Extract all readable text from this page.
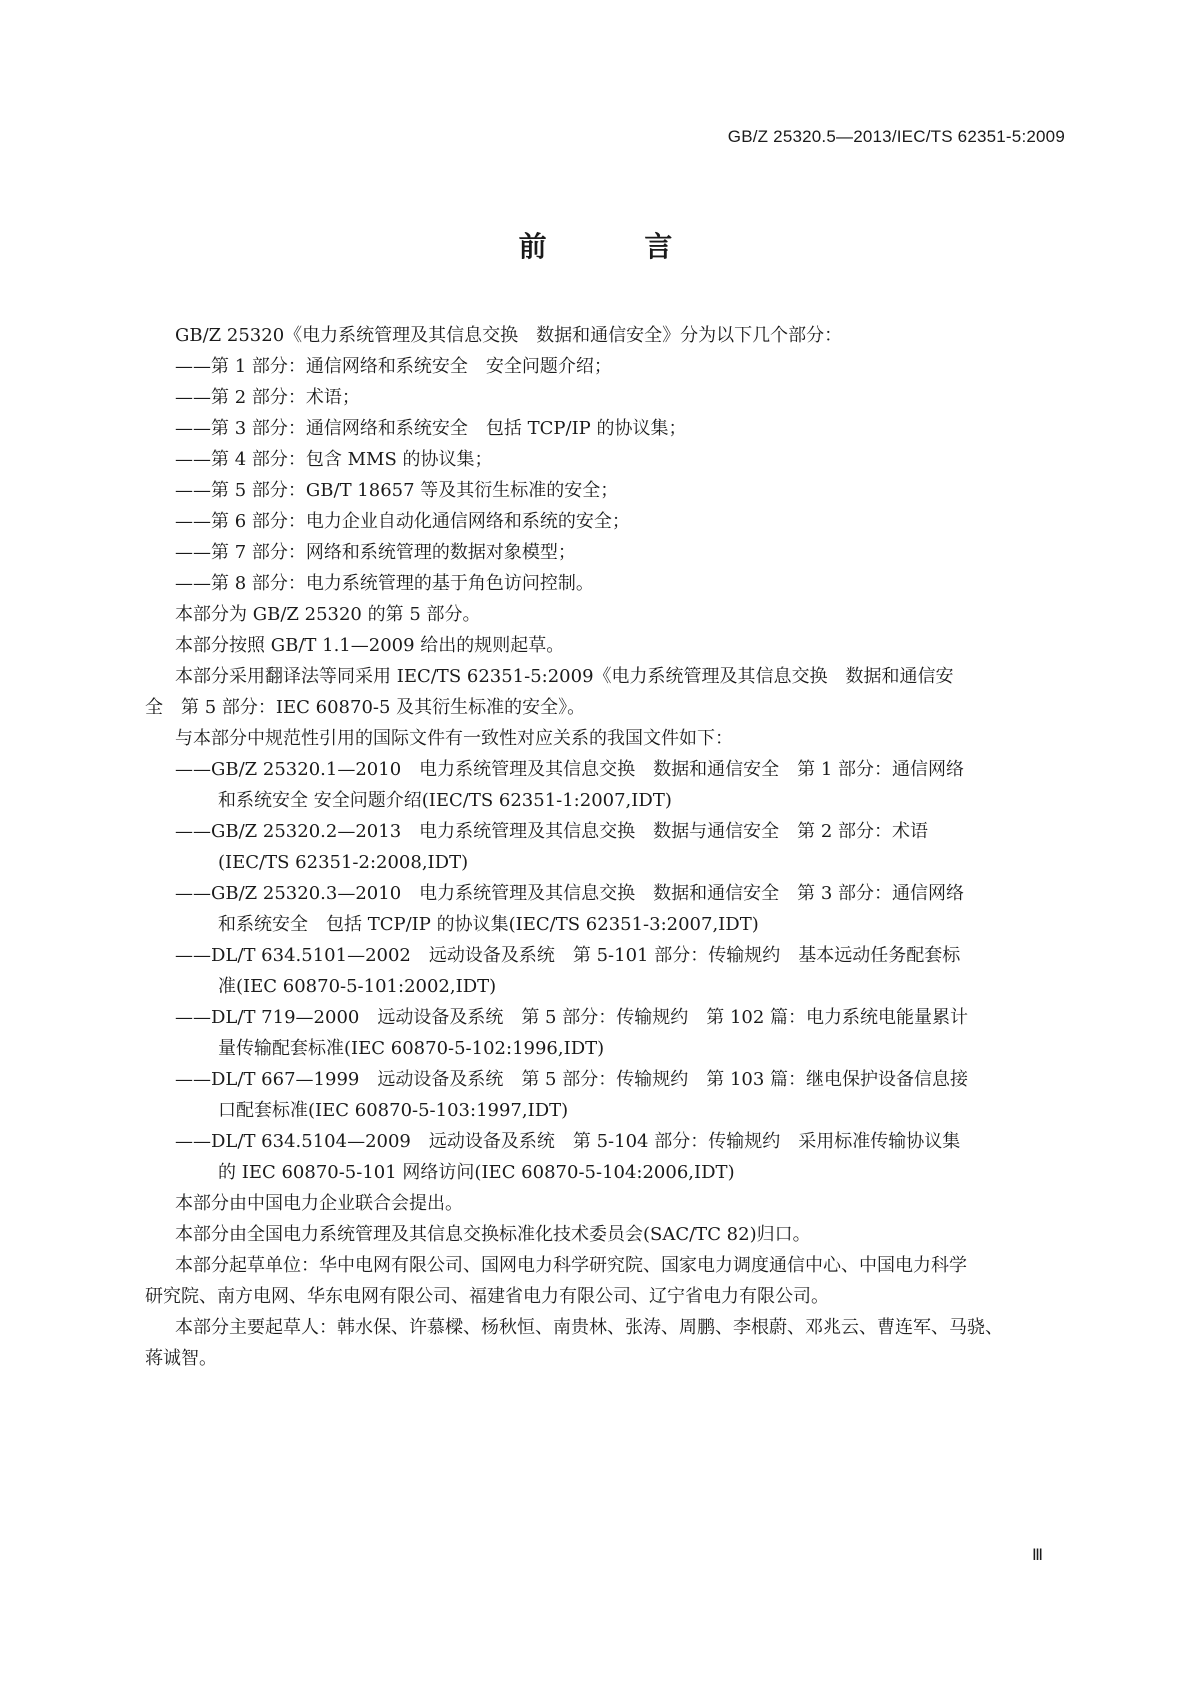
GB/Z 25320.5—2013/IEC/TS 62351-5:2009
前 言
GB/Z 25320《电力系统管理及其信息交换　数据和通信安全》分为以下几个部分：
——第 1 部分：通信网络和系统安全　安全问题介绍；
——第 2 部分：术语；
——第 3 部分：通信网络和系统安全　包括 TCP/IP 的协议集；
——第 4 部分：包含 MMS 的协议集；
——第 5 部分：GB/T 18657 等及其衍生标准的安全；
——第 6 部分：电力企业自动化通信网络和系统的安全；
——第 7 部分：网络和系统管理的数据对象模型；
——第 8 部分：电力系统管理的基于角色访问控制。
本部分为 GB/Z 25320 的第 5 部分。
本部分按照 GB/T 1.1—2009 给出的规则起草。
本部分采用翻译法等同采用 IEC/TS 62351-5:2009《电力系统管理及其信息交换　数据和通信安
全　第 5 部分：IEC 60870-5 及其衍生标准的安全》。
与本部分中规范性引用的国际文件有一致性对应关系的我国文件如下：
——GB/Z 25320.1—2010　电力系统管理及其信息交换　数据和通信安全　第 1 部分：通信网络
和系统安全 安全问题介绍(IEC/TS 62351-1:2007,IDT)
——GB/Z 25320.2—2013　电力系统管理及其信息交换　数据与通信安全　第 2 部分：术语
(IEC/TS 62351-2:2008,IDT)
——GB/Z 25320.3—2010　电力系统管理及其信息交换　数据和通信安全　第 3 部分：通信网络
和系统安全　包括 TCP/IP 的协议集(IEC/TS 62351-3:2007,IDT)
——DL/T 634.5101—2002　远动设备及系统　第 5-101 部分：传输规约　基本远动任务配套标
准(IEC 60870-5-101:2002,IDT)
——DL/T 719—2000　远动设备及系统　第 5 部分：传输规约　第 102 篇：电力系统电能量累计
量传输配套标准(IEC 60870-5-102:1996,IDT)
——DL/T 667—1999　远动设备及系统　第 5 部分：传输规约　第 103 篇：继电保护设备信息接
口配套标准(IEC 60870-5-103:1997,IDT)
——DL/T 634.5104—2009　远动设备及系统　第 5-104 部分：传输规约　采用标准传输协议集
的 IEC 60870-5-101 网络访问(IEC 60870-5-104:2006,IDT)
本部分由中国电力企业联合会提出。
本部分由全国电力系统管理及其信息交换标准化技术委员会(SAC/TC 82)归口。
本部分起草单位：华中电网有限公司、国网电力科学研究院、国家电力调度通信中心、中国电力科学
研究院、南方电网、华东电网有限公司、福建省电力有限公司、辽宁省电力有限公司。
本部分主要起草人：韩水保、许慕樑、杨秋恒、南贵林、张涛、周鹏、李根蔚、邓兆云、曹连军、马骁、
蒋诚智。
Ⅲ
